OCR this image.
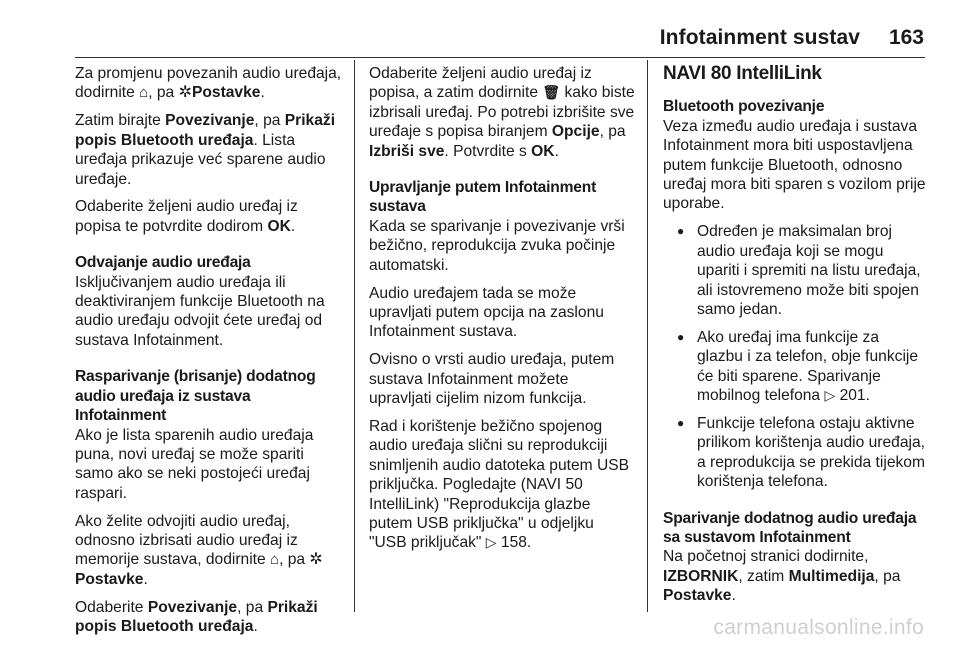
Infotainment sustav 163

Za promjenu povezanih audio uređaja, dodirnite ⌂, pa ✲Postavke.

Zatim birajte Povezivanje, pa Prikaži popis Bluetooth uređaja. Lista uređaja prikazuje već sparene audio uređaje.

Odaberite željeni audio uređaj iz popisa te potvrdite dodirom OK.

Odvajanje audio uređaja

Isključivanjem audio uređaja ili deaktiviranjem funkcije Bluetooth na audio uređaju odvojit ćete uređaj od sustava Infotainment.

Rasparivanje (brisanje) dodatnog audio uređaja iz sustava Infotainment

Ako je lista sparenih audio uređaja puna, novi uređaj se može spariti samo ako se neki postojeći uređaj raspari.

Ako želite odvojiti audio uređaj, odnosno izbrisati audio uređaj iz memorije sustava, dodirnite ⌂, pa ✲Postavke.

Odaberite Povezivanje, pa Prikaži popis Bluetooth uređaja.

Odaberite željeni audio uređaj iz popisa, a zatim dodirnite 🗑 kako biste izbrisali uređaj. Po potrebi izbrišite sve uređaje s popisa biranjem Opcije, pa Izbriši sve. Potvrdite s OK.

Upravljanje putem Infotainment sustava

Kada se sparivanje i povezivanje vrši bežično, reprodukcija zvuka počinje automatski.

Audio uređajem tada se može upravljati putem opcija na zaslonu Infotainment sustava.

Ovisno o vrsti audio uređaja, putem sustava Infotainment možete upravljati cijelim nizom funkcija.

Rad i korištenje bežično spojenog audio uređaja slični su reprodukciji snimljenih audio datoteka putem USB priključka. Pogledajte (NAVI 50 IntelliLink) "Reprodukcija glazbe putem USB priključka" u odjeljku "USB priključak" ▷ 158.

NAVI 80 IntelliLink

Bluetooth povezivanje

Veza između audio uređaja i sustava Infotainment mora biti uspostavljena putem funkcije Bluetooth, odnosno uređaj mora biti sparen s vozilom prije uporabe.

● Određen je maksimalan broj audio uređaja koji se mogu upariti i spremiti na listu uređaja, ali istovremeno može biti spojen samo jedan.
● Ako uređaj ima funkcije za glazbu i za telefon, obje funkcije će biti sparene. Sparivanje mobilnog telefona ▷ 201.
● Funkcije telefona ostaju aktivne prilikom korištenja audio uređaja, a reprodukcija se prekida tijekom korištenja telefona.

Sparivanje dodatnog audio uređaja sa sustavom Infotainment

Na početnoj stranici dodirnite, IZBORNIK, zatim Multimedija, pa Postavke.

carmanualsonline.info
